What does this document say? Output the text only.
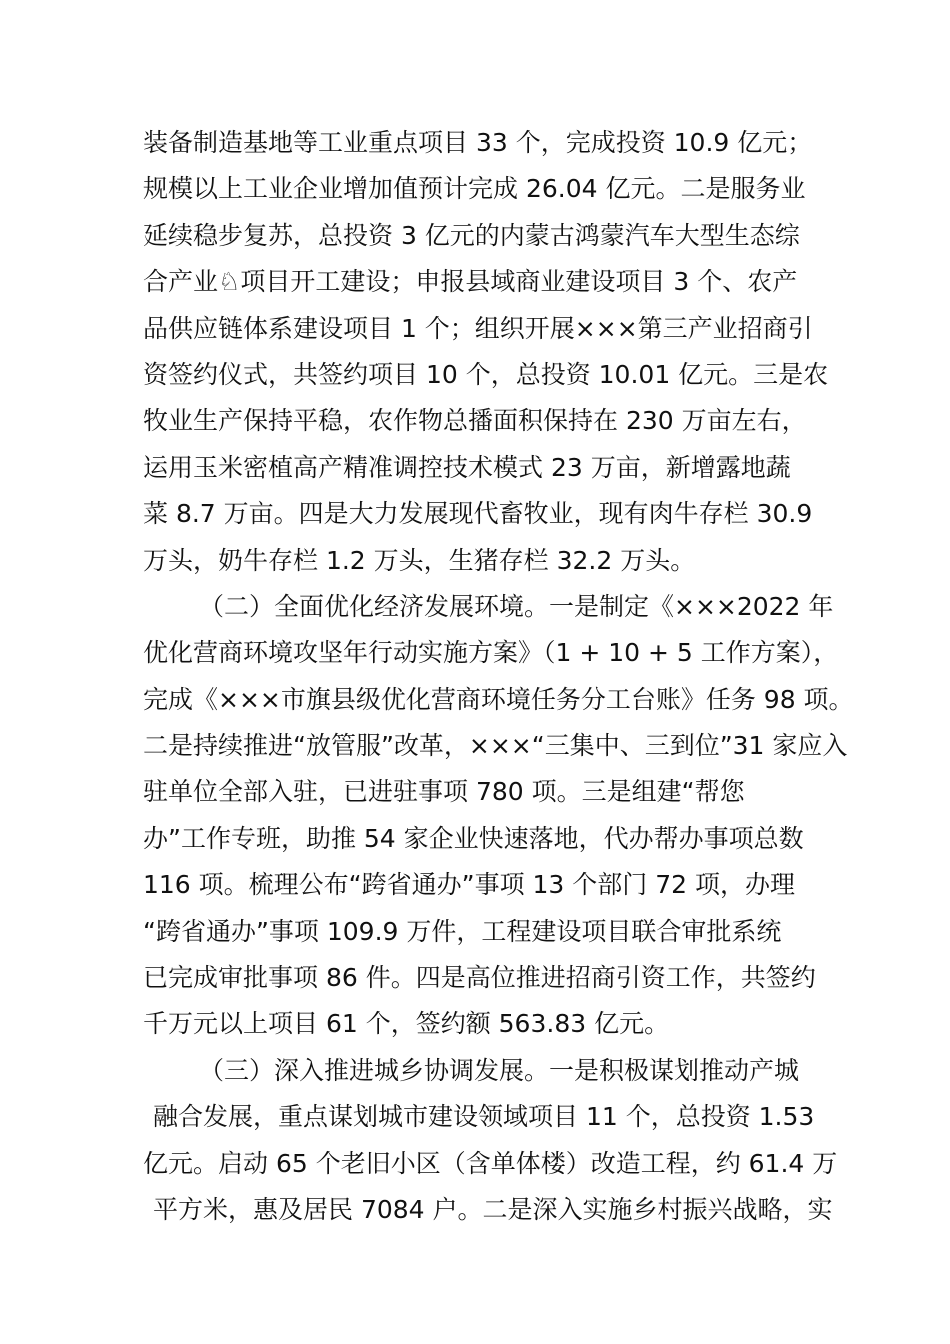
装备制造基地等工业重点项目 33 个，完成投资 10.9 亿元；
规模以上工业企业增加值预计完成 26.04 亿元。二是服务业
延续稳步复苏，总投资 3 亿元的内蒙古鸿蒙汽车大型生态综
合产业♘项目开工建设；申报县域商业建设项目 3 个、农产
品供应链体系建设项目 1 个；组织开展×××第三产业招商引
资签约仪式，共签约项目 10 个，总投资 10.01 亿元。三是农
牧业生产保持平稳，农作物总播面积保持在 230 万亩左右，
运用玉米密植高产精准调控技术模式 23 万亩，新增露地蔬
菜 8.7 万亩。四是大力发展现代畜牧业，现有肉牛存栏 30.9
万头，奶牛存栏 1.2 万头，生猪存栏 32.2 万头。
（二）全面优化经济发展环境。一是制定《×××2022 年
优化营商环境攻坚年行动实施方案》（1 + 10 + 5 工作方案），
完成《×××市旗县级优化营商环境任务分工台账》任务 98 项。
二是持续推进“放管服”改革，×××“三集中、三到位”31 家应入
驻单位全部入驻，已进驻事项 780 项。三是组建“帮您
办”工作专班，助推 54 家企业快速落地，代办帮办事项总数
116 项。梳理公布“跨省通办”事项 13 个部门 72 项，办理
“跨省通办”事项 109.9 万件，工程建设项目联合审批系统
已完成审批事项 86 件。四是高位推进招商引资工作，共签约
千万元以上项目 61 个，签约额 563.83 亿元。
（三）深入推进城乡协调发展。一是积极谋划推动产城
融合发展，重点谋划城市建设领域项目 11 个，总投资 1.53
亿元。启动 65 个老旧小区（含单体楼）改造工程，约 61.4 万
平方米，惠及居民 7084 户。二是深入实施乡村振兴战略，实
